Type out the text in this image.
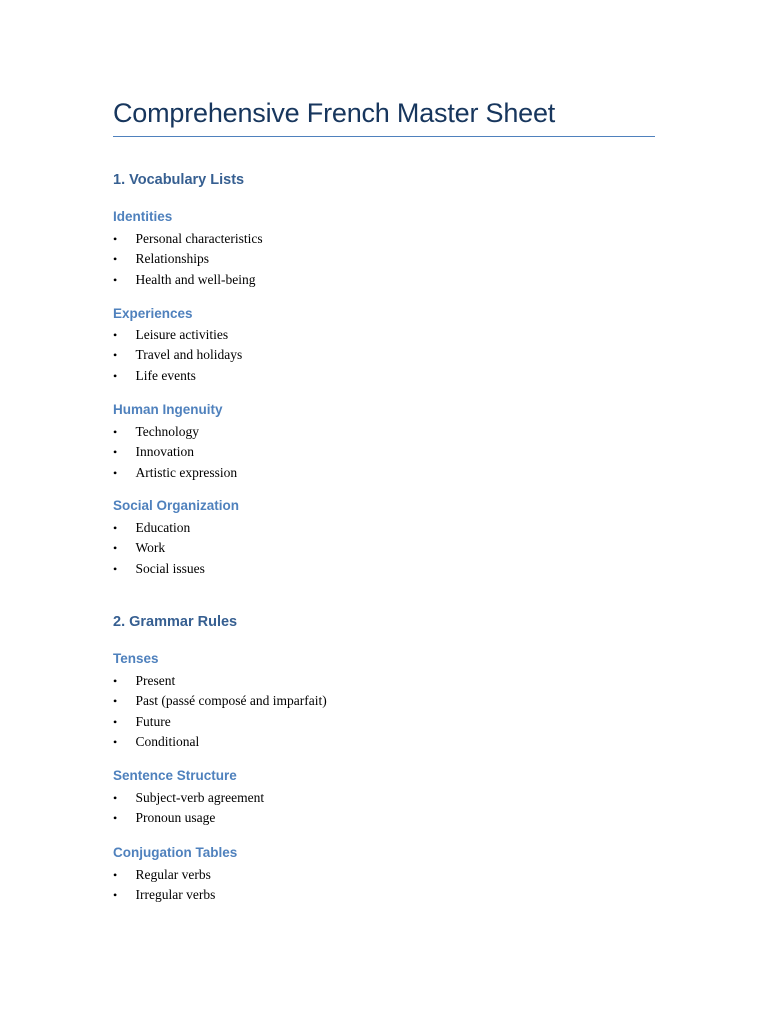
Comprehensive French Master Sheet
1. Vocabulary Lists
Identities
• Personal characteristics
• Relationships
• Health and well-being
Experiences
• Leisure activities
• Travel and holidays
• Life events
Human Ingenuity
• Technology
• Innovation
• Artistic expression
Social Organization
• Education
• Work
• Social issues
2. Grammar Rules
Tenses
• Present
• Past (passé composé and imparfait)
• Future
• Conditional
Sentence Structure
• Subject-verb agreement
• Pronoun usage
Conjugation Tables
• Regular verbs
• Irregular verbs
